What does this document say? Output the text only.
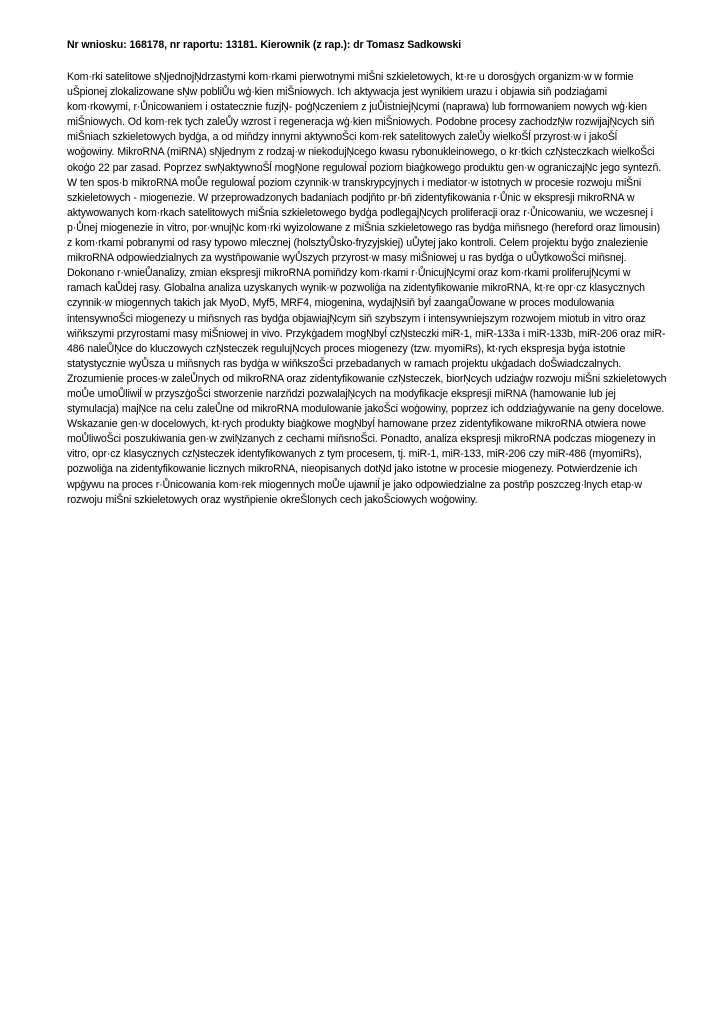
Nr wniosku: 168178, nr raportu: 13181. Kierownik (z rap.): dr Tomasz Sadkowski

Kom·rki satelitowe sŅjednojŅdrzastymi kom·rkami pierwotnymi miŠni szkieletowych, kt·re u dorosģych organizm·w w formie uŠpionej zlokalizowane sŅw pobliŮu wģ·kien miŠniowych. Ich aktywacja jest wynikiem urazu i objawia siň podziaģami kom·rkowymi, r·Ůnicowaniem i ostatecznie fuzjŅ- poģŅczeniem z juŮistniejŅcymi (naprawa) lub formowaniem nowych wģ·kien miŠniowych. Od kom·rek tych zaleŮy wzrost i regeneracja wģ·kien miŠniowych. Podobne procesy zachodzŅw rozwijajŅcych siň miŠniach szkieletowych bydģa, a od miňdzy innymi aktywnoŠci kom·rek satelitowych zaleŮy wielkoŠĺ przyrost·w i jakoŠĺ woģowiny. MikroRNA (miRNA) sŅjednym z rodzaj·w niekodujŅcego kwasu rybonukleinowego, o kr·tkich czŅsteczkach wielkoŠci okoģo 22 par zasad. Poprzez swŅaktywnoŠĺ mogŅone regulowaĺ poziom biaģkowego produktu gen·w ograniczajŅc jego syntezň. W ten spos·b mikroRNA moŮe regulowaĺ poziom czynnik·w transkrypcyjnych i mediator·w istotnych w procesie rozwoju miŠni szkieletowych - miogenezie. W przeprowadzonych badaniach podjňto pr·bň zidentyfikowania r·Ůnic w ekspresji mikroRNA w aktywowanych kom·rkach satelitowych miŠnia szkieletowego bydģa podlegajŅcych proliferacji oraz r·Ůnicowaniu, we wczesnej i p·Ůnej miogenezie in vitro, por·wnujŅc kom·rki wyizolowane z miŠnia szkieletowego ras bydģa miňsnego (hereford oraz limousin) z kom·rkami pobranymi od rasy typowo mlecznej (holsztyŮsko-fryzyjskiej) uŮytej jako kontroli. Celem projektu byģo znalezienie mikroRNA odpowiedzialnych za wystňpowanie wyŮszych przyrost·w masy miŠniowej u ras bydģa o uŮytkowoŠci miňsnej. Dokonano r·wnieŮanalizy, zmian ekspresji mikroRNA pomiňdzy kom·rkami r·ŮnicujŅcymi oraz kom·rkami proliferujŅcymi w ramach kaŮdej rasy. Globalna analiza uzyskanych wynik·w pozwoliģa na zidentyfikowanie mikroRNA, kt·re opr·cz klasycznych czynnik·w miogennych takich jak MyoD, Myf5, MRF4, miogenina, wydajŅsiň byĺ zaangaŮowane w proces modulowania intensywnoŠci miogenezy u miňsnych ras bydģa objawiajŅcym siň szybszym i intensywniejszym rozwojem miotub in vitro oraz wiňkszymi przyrostami masy miŠniowej in vivo. Przykģadem mogŅbyĺ czŅsteczki miR-1, miR-133a i miR-133b, miR-206 oraz miR-486 naleŮŅce do kluczowych czŅsteczek regulujŅcych proces miogenezy (tzw. myomiRs), kt·rych ekspresja byģa istotnie statystycznie wyŮsza u miňsnych ras bydģa w wiňkszoŠci przebadanych w ramach projektu ukģadach doŠwiadczalnych.

Zrozumienie proces·w zaleŮnych od mikroRNA oraz zidentyfikowanie czŅsteczek, biorŅcych udziaģw rozwoju miŠni szkieletowych moŮe umoŮliwiĺ w przyszģoŠci stworzenie narzňdzi pozwalajŅcych na modyfikacje ekspresji miRNA (hamowanie lub jej stymulacja) majŅce na celu zaleŮne od mikroRNA modulowanie jakoŠci woģowiny, poprzez ich oddziaģywanie na geny docelowe. Wskazanie gen·w docelowych, kt·rych produkty biaģkowe mogŅbyĺ hamowane przez zidentyfikowane mikroRNA otwiera nowe moŮliwoŠci poszukiwania gen·w zwiŅzanych z cechami miňsnoŠci. Ponadto, analiza ekspresji mikroRNA podczas miogenezy in vitro, opr·cz klasycznych czŅsteczek identyfikowanych z tym procesem, tj. miR-1, miR-133, miR-206 czy miR-486 (myomiRs), pozwoliģa na zidentyfikowanie licznych mikroRNA, nieopisanych dotŅd jako istotne w procesie miogenezy. Potwierdzenie ich wpģywu na proces r·Ůnicowania kom·rek miogennych moŮe ujawniĺ je jako odpowiedzialne za postňp poszczeg·lnych etap·w rozwoju miŠni szkieletowych oraz wystňpienie okreŠlonych cech jakoŠciowych woģowiny.
